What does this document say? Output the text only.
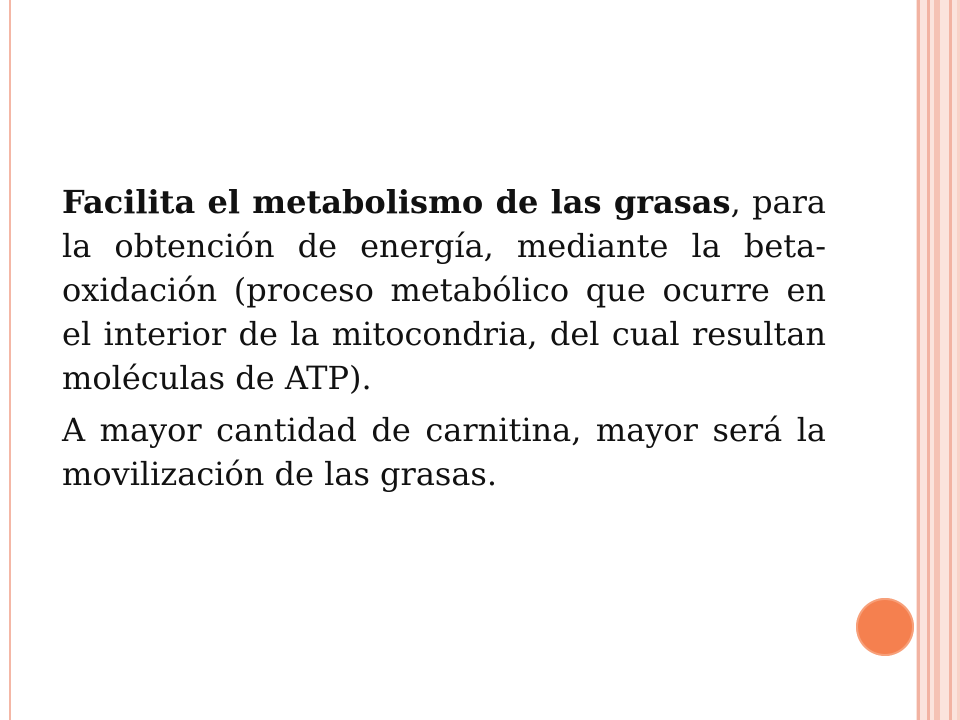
Facilita el metabolismo de las grasas, para la obtención de energía, mediante la beta-oxidación (proceso metabólico que ocurre en el interior de la mitocondria, del cual resultan moléculas de ATP).

A mayor cantidad de carnitina, mayor será la movilización de las grasas.
